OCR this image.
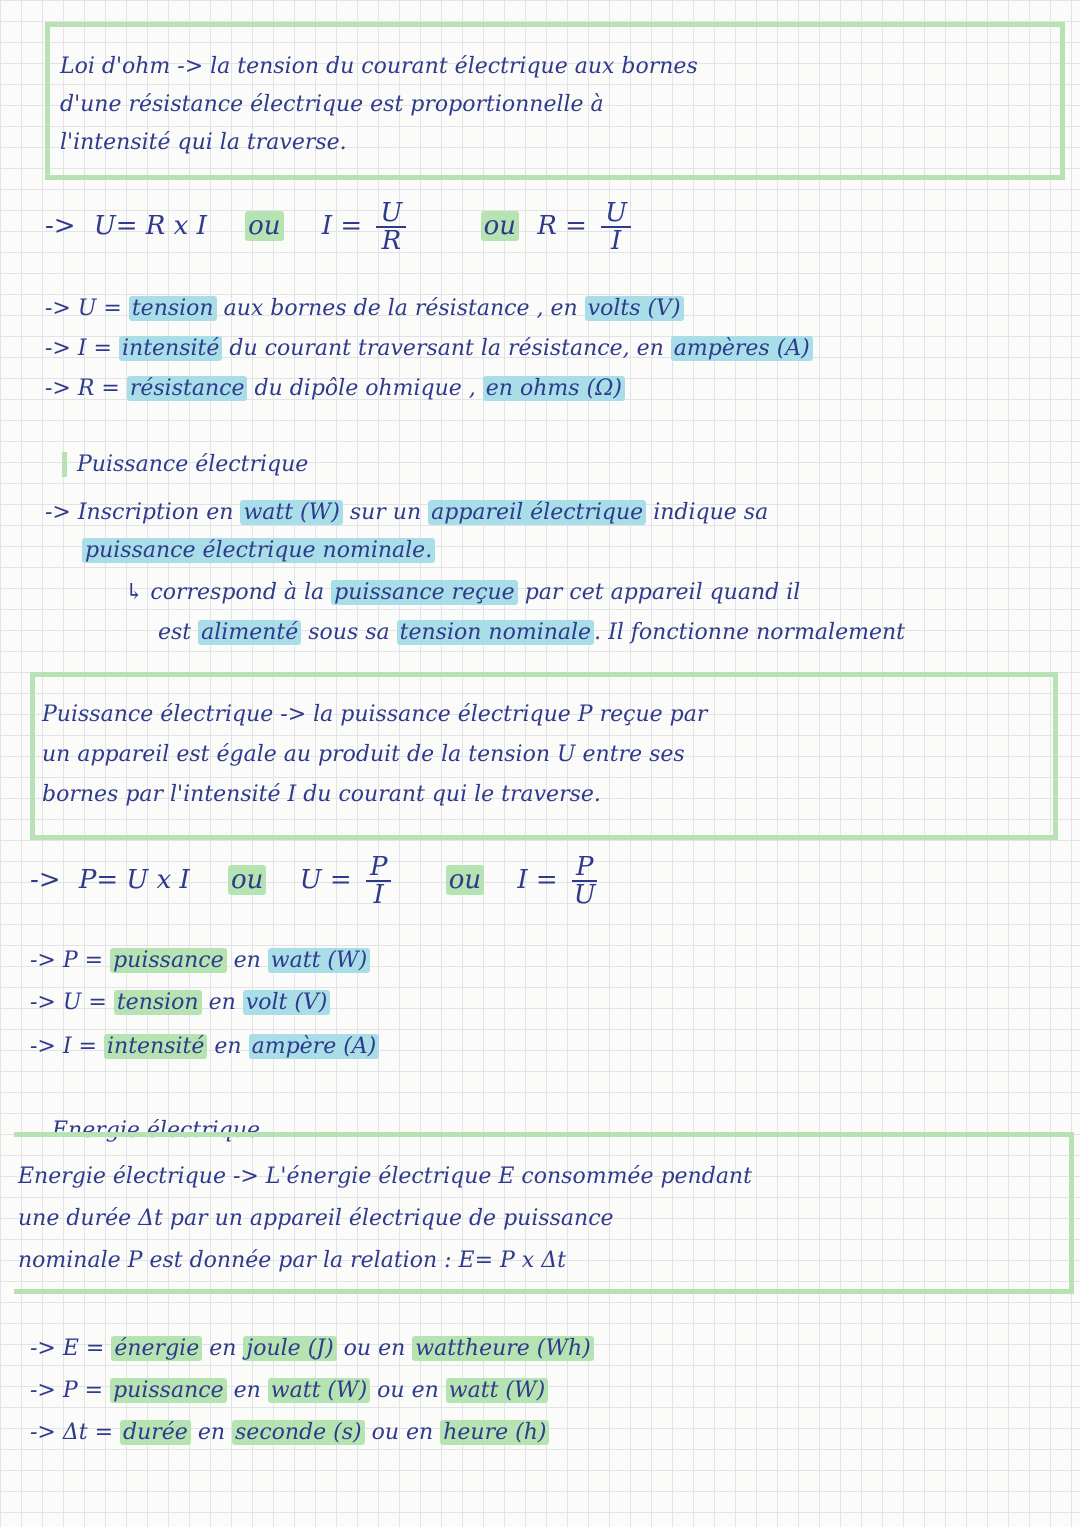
Loi d'ohm -> la tension du courant électrique aux bornes
d'une résistance électrique est proportionnelle à
l'intensité qui la traverse.
-> U= R x I ou $I = \frac{U}{R}$	ou $R = \frac{U}{I}$
-> U = tension aux bornes de la résistance , en volts (V)
-> I = intensité du courant traversant la résistance, en ampères (A)
-> R = résistance du dipôle ohmique , en ohms (Ω)
Puissance électrique
-> Inscription en watt (W) sur un appareil électrique indique sa
puissance électrique nominale.
↳ correspond à la puissance reçue par cet appareil quand il
est alimenté sous sa tension nominale . Il fonctionne normalement
Puissance électrique -> la puissance électrique P reçue par
un appareil est égale au produit de la tension U entre ses
bornes par l'intensité I du courant qui le traverse.
-> P= U x I ou $U = \frac{P}{I}$ ou $I = \frac{P}{U}$
-> P = puissance en watt (W)
-> U = tension en volt (V)
-> I = intensité en ampère (A)
Energie électrique
Energie électrique -> L'énergie électrique E consommée pendant
une durée Δt par un appareil électrique de puissance
nominale P est donnée par la relation : E= P x Δt
-> E = énergie en joule (J) ou en wattheure (Wh)
-> P = puissance en watt (W) ou en watt (W)
-> Δt = durée en seconde (s) ou en heure (h)
